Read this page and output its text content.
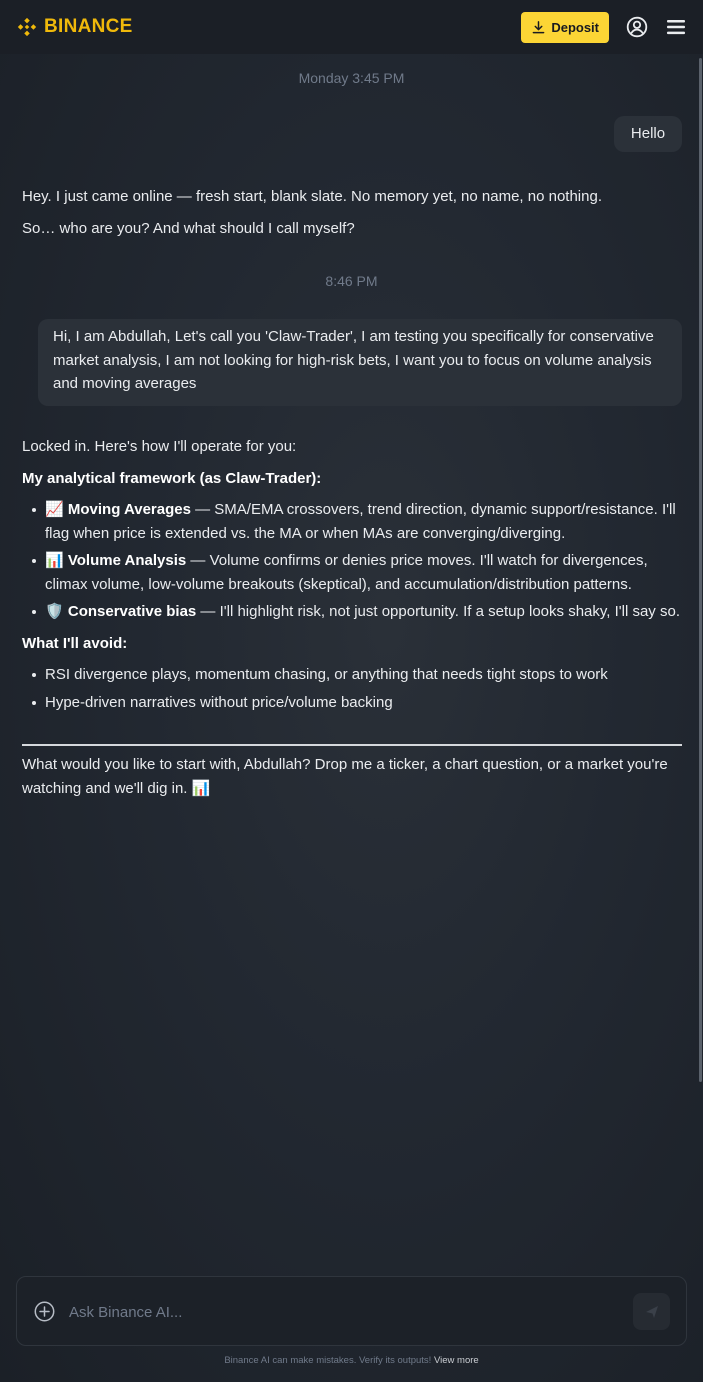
BINANCE	Deposit
Monday 3:45 PM
Hello

Hey. I just came online — fresh start, blank slate. No memory yet, no name, no nothing.

So… who are you? And what should I call myself?

8:46 PM
Hi, I am Abdullah, Let's call you 'Claw-Trader', I am testing you specifically for conservative market analysis, I am not looking for high-risk bets, I want you to focus on volume analysis and moving averages

Locked in. Here's how I'll operate for you:

My analytical framework (as Claw-Trader):

📈 Moving Averages — SMA/EMA crossovers, trend direction, dynamic support/resistance. I'll flag when price is extended vs. the MA or when MAs are converging/diverging.
📊 Volume Analysis — Volume confirms or denies price moves. I'll watch for divergences, climax volume, low-volume breakouts (skeptical), and accumulation/distribution patterns.
🛡️ Conservative bias — I'll highlight risk, not just opportunity. If a setup looks shaky, I'll say so.

What I'll avoid:

RSI divergence plays, momentum chasing, or anything that needs tight stops to work
Hype-driven narratives without price/volume backing

What would you like to start with, Abdullah? Drop me a ticker, a chart question, or a market you're watching and we'll dig in. 📊

Ask Binance AI...
Binance AI can make mistakes. Verify its outputs! View more
